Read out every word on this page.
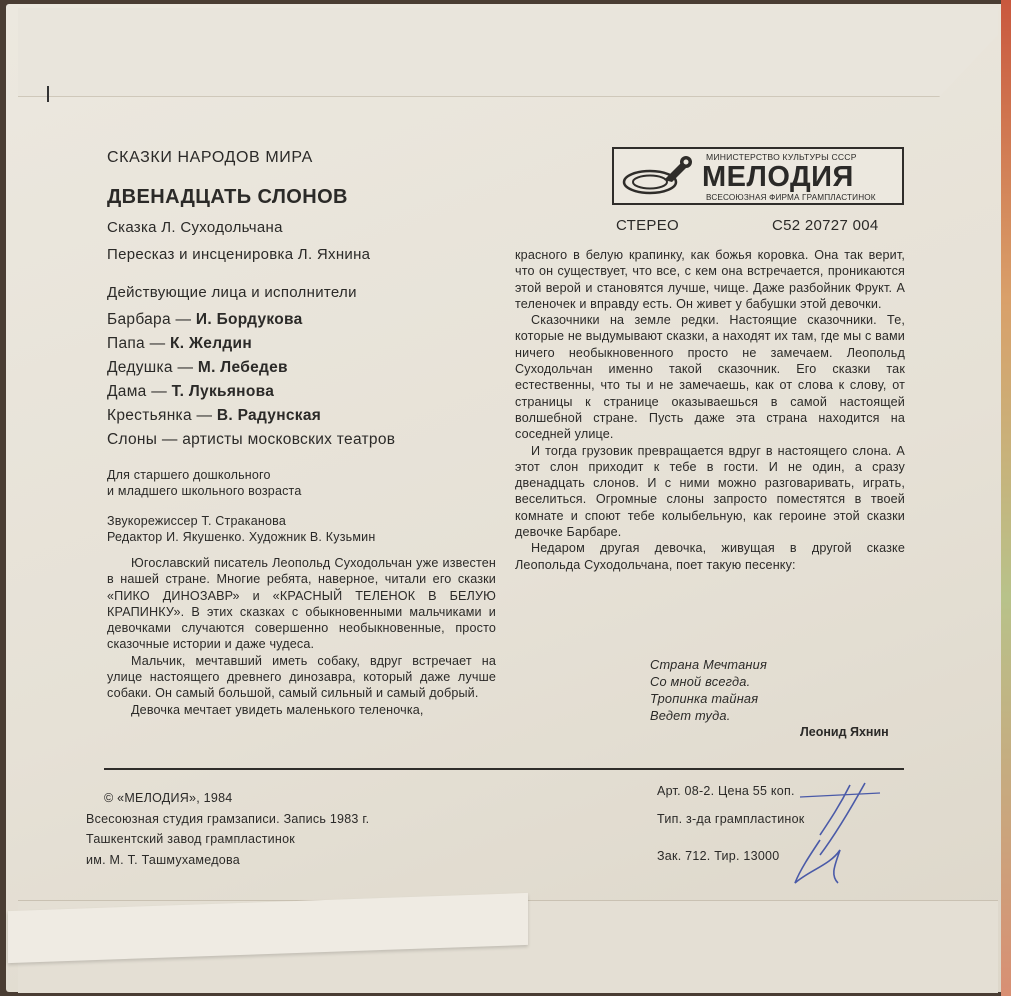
СКАЗКИ НАРОДОВ МИРА
ДВЕНАДЦАТЬ СЛОНОВ
Сказка Л. Суходольчана
Пересказ и инсценировка Л. Яхнина
Действующие лица и исполнители
Барбара — И. Бордукова
Папа — К. Желдин
Дедушка — М. Лебедев
Дама — Т. Лукьянова
Крестьянка — В. Радунская
Слоны — артисты московских театров
Для старшего дошкольного
и младшего школьного возраста
Звукорежиссер Т. Страканова
Редактор И. Якушенко. Художник В. Кузьмин

Югославский писатель Леопольд Суходольчан уже известен в нашей стране. Многие ребята, наверное, читали его сказки «ПИКО ДИНОЗАВР» и «КРАСНЫЙ ТЕЛЕНОК В БЕЛУЮ КРАПИНКУ». В этих сказках с обыкновенными мальчиками и девочками случаются совершенно необыкновенные, просто сказочные истории и даже чудеса.

Мальчик, мечтавший иметь собаку, вдруг встречает на улице настоящего древнего динозавра, который даже лучше собаки. Он самый большой, самый сильный и самый добрый.

Девочка мечтает увидеть маленького теленочка,

МИНИСТЕРСТВО КУЛЬТУРЫ СССР
МЕЛОДИЯ
ВСЕСОЮЗНАЯ ФИРМА ГРАМПЛАСТИНОК
СТЕРЕО	С52 20727 004

красного в белую крапинку, как божья коровка. Она так верит, что он существует, что все, с кем она встречается, проникаются этой верой и становятся лучше, чище. Даже разбойник Фрукт. А теленочек и вправду есть. Он живет у бабушки этой девочки.

Сказочники на земле редки. Настоящие сказочники. Те, которые не выдумывают сказки, а находят их там, где мы с вами ничего необыкновенного просто не замечаем. Леопольд Суходольчан именно такой сказочник. Его сказки так естественны, что ты и не замечаешь, как от слова к слову, от страницы к странице оказываешься в самой настоящей волшебной стране. Пусть даже эта страна находится на соседней улице.

И тогда грузовик превращается вдруг в настоящего слона. А этот слон приходит к тебе в гости. И не один, а сразу двенадцать слонов. И с ними можно разговаривать, играть, веселиться. Огромные слоны запросто поместятся в твоей комнате и споют тебе колыбельную, как героине этой сказки девочке Барбаре.

Недаром другая девочка, живущая в другой сказке Леопольда Суходольчана, поет такую песенку:

Страна Мечтания
Со мной всегда.
Тропинка тайная
Ведет туда.
Леонид Яхнин
© «МЕЛОДИЯ», 1984
Всесоюзная студия грамзаписи. Запись 1983 г.
Ташкентский завод грампластинок
им. М. Т. Ташмухамедова
Арт. 08-2. Цена 55 коп.
Тип. з-да грампластинок
Зак. 712. Тир. 13000
